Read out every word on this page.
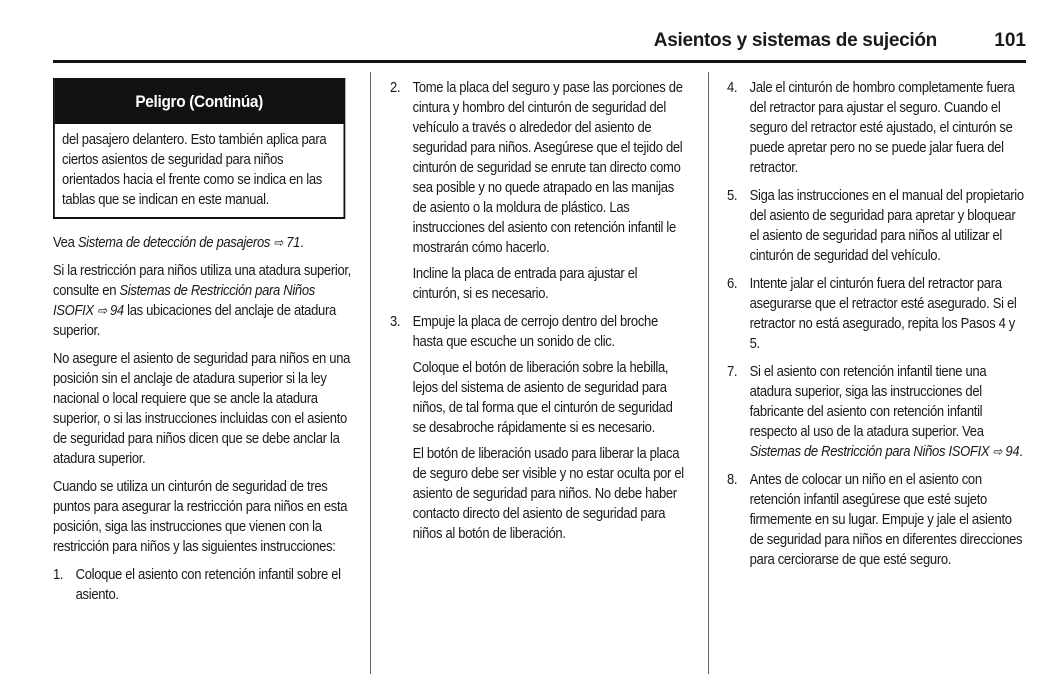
Asientos y sistemas de sujeción	101
Peligro (Continúa)
del pasajero delantero. Esto también aplica para ciertos asientos de seguridad para niños orientados hacia el frente como se indica en las tablas que se indican en este manual.

Vea Sistema de detección de pasajeros ⇨ 71.

Si la restricción para niños utiliza una atadura superior, consulte en Sistemas de Restricción para Niños ISOFIX ⇨ 94 las ubicaciones del anclaje de atadura superior.

No asegure el asiento de seguridad para niños en una posición sin el anclaje de atadura superior si la ley nacional o local requiere que se ancle la atadura superior, o si las instrucciones incluidas con el asiento de seguridad para niños dicen que se debe anclar la atadura superior.

Cuando se utiliza un cinturón de seguridad de tres puntos para asegurar la restricción para niños en esta posición, siga las instrucciones que vienen con la restricción para niños y las siguientes instrucciones:

1. Coloque el asiento con retención infantil sobre el asiento.

2. Tome la placa del seguro y pase las porciones de cintura y hombro del cinturón de seguridad del vehículo a través o alrededor del asiento de seguridad para niños. Asegúrese que el tejido del cinturón de seguridad se enrute tan directo como sea posible y no quede atrapado en las manijas de asiento o la moldura de plástico. Las instrucciones del asiento con retención infantil le mostrarán cómo hacerlo.

Incline la placa de entrada para ajustar el cinturón, si es necesario.

3. Empuje la placa de cerrojo dentro del broche hasta que escuche un sonido de clic.

Coloque el botón de liberación sobre la hebilla, lejos del sistema de asiento de seguridad para niños, de tal forma que el cinturón de seguridad se desabroche rápidamente si es necesario.

El botón de liberación usado para liberar la placa de seguro debe ser visible y no estar oculta por el asiento de seguridad para niños. No debe haber contacto directo del asiento de seguridad para niños al botón de liberación.

4. Jale el cinturón de hombro completamente fuera del retractor para ajustar el seguro. Cuando el seguro del retractor esté ajustado, el cinturón se puede apretar pero no se puede jalar fuera del retractor.

5. Siga las instrucciones en el manual del propietario del asiento de seguridad para apretar y bloquear el asiento de seguridad para niños al utilizar el cinturón de seguridad del vehículo.

6. Intente jalar el cinturón fuera del retractor para asegurarse que el retractor esté asegurado. Si el retractor no está asegurado, repita los Pasos 4 y 5.

7. Si el asiento con retención infantil tiene una atadura superior, siga las instrucciones del fabricante del asiento con retención infantil respecto al uso de la atadura superior. Vea Sistemas de Restricción para Niños ISOFIX ⇨ 94.

8. Antes de colocar un niño en el asiento con retención infantil asegúrese que esté sujeto firmemente en su lugar. Empuje y jale el asiento de seguridad para niños en diferentes direcciones para cerciorarse de que esté seguro.
